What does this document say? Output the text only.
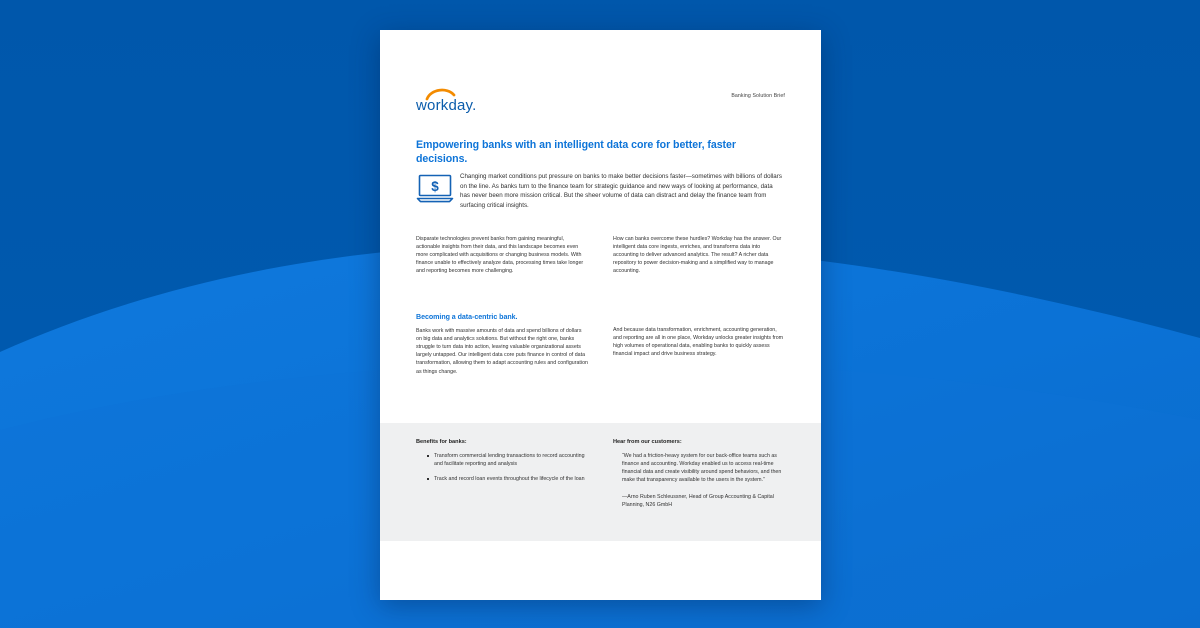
workday.
Banking Solution Brief
Empowering banks with an intelligent data core for better, faster decisions.
$
Changing market conditions put pressure on banks to make better decisions faster—sometimes with billions of dollars on the line. As banks turn to the finance team for strategic guidance and new ways of looking at performance, data has never been more mission critical. But the sheer volume of data can distract and delay the finance team from surfacing critical insights.

Disparate technologies prevent banks from gaining meaningful, actionable insights from their data, and this landscape becomes even more complicated with acquisitions or changing business models. With finance unable to effectively analyze data, processing times take longer and reporting becomes more challenging.

How can banks overcome these hurdles? Workday has the answer. Our intelligent data core ingests, enriches, and transforms data into accounting to deliver advanced analytics. The result? A richer data repository to power decision-making and a simplified way to manage accounting.

Becoming a data-centric bank.

Banks work with massive amounts of data and spend billions of dollars on big data and analytics solutions. But without the right one, banks struggle to turn data into action, leaving valuable organizational assets largely untapped. Our intelligent data core puts finance in control of data transformation, allowing them to adapt accounting rules and configuration as things change.

And because data transformation, enrichment, accounting generation, and reporting are all in one place, Workday unlocks greater insights from high volumes of operational data, enabling banks to quickly assess financial impact and drive business strategy.

Benefits for banks:
Transform commercial lending transactions to record accounting and facilitate reporting and analysis
Track and record loan events throughout the lifecycle of the loan
Hear from our customers:

“We had a friction-heavy system for our back-office teams such as finance and accounting. Workday enabled us to access real-time financial data and create visibility around spend behaviors, and then make that transparency available to the users in the system.”

—Arno Ruben Schleussner, Head of Group Accounting & Capital Planning, N26 GmbH
